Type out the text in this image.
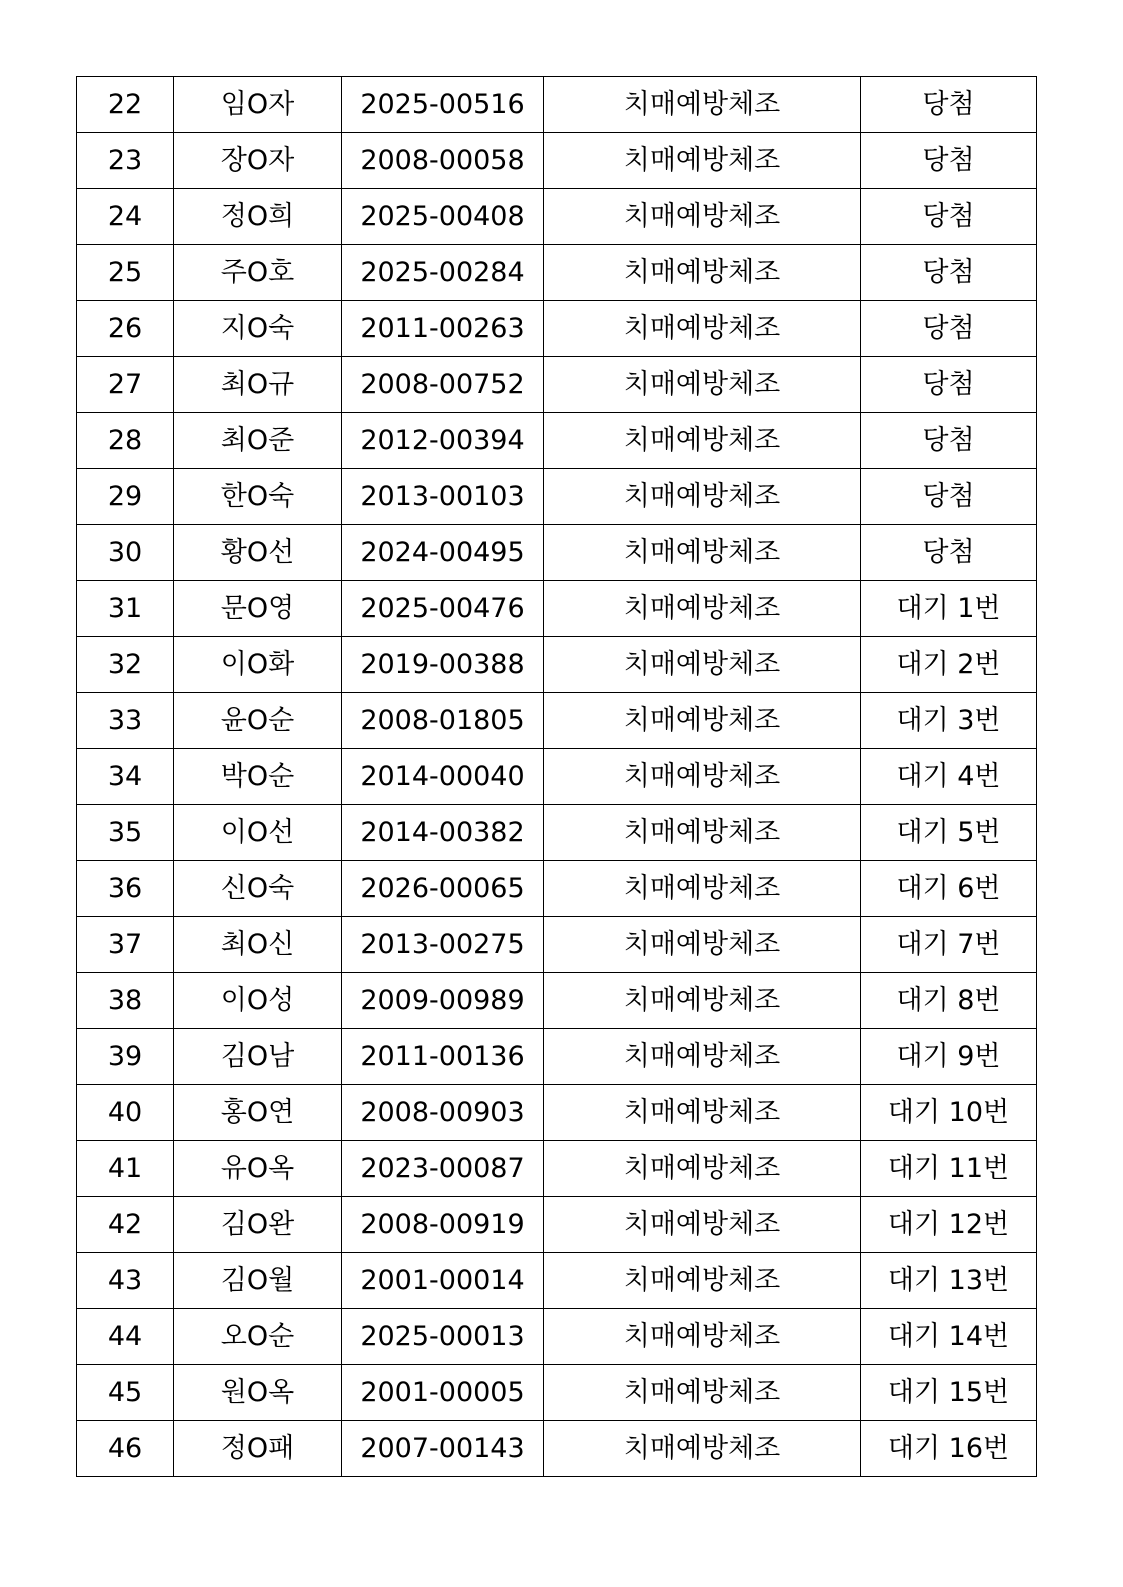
22	임O자	2025-00516	치매예방체조	당첨
23	장O자	2008-00058	치매예방체조	당첨
24	정O희	2025-00408	치매예방체조	당첨
25	주O호	2025-00284	치매예방체조	당첨
26	지O숙	2011-00263	치매예방체조	당첨
27	최O규	2008-00752	치매예방체조	당첨
28	최O준	2012-00394	치매예방체조	당첨
29	한O숙	2013-00103	치매예방체조	당첨
30	황O선	2024-00495	치매예방체조	당첨
31	문O영	2025-00476	치매예방체조	대기 1번
32	이O화	2019-00388	치매예방체조	대기 2번
33	윤O순	2008-01805	치매예방체조	대기 3번
34	박O순	2014-00040	치매예방체조	대기 4번
35	이O선	2014-00382	치매예방체조	대기 5번
36	신O숙	2026-00065	치매예방체조	대기 6번
37	최O신	2013-00275	치매예방체조	대기 7번
38	이O성	2009-00989	치매예방체조	대기 8번
39	김O남	2011-00136	치매예방체조	대기 9번
40	홍O연	2008-00903	치매예방체조	대기 10번
41	유O옥	2023-00087	치매예방체조	대기 11번
42	김O완	2008-00919	치매예방체조	대기 12번
43	김O월	2001-00014	치매예방체조	대기 13번
44	오O순	2025-00013	치매예방체조	대기 14번
45	원O옥	2001-00005	치매예방체조	대기 15번
46	정O패	2007-00143	치매예방체조	대기 16번
